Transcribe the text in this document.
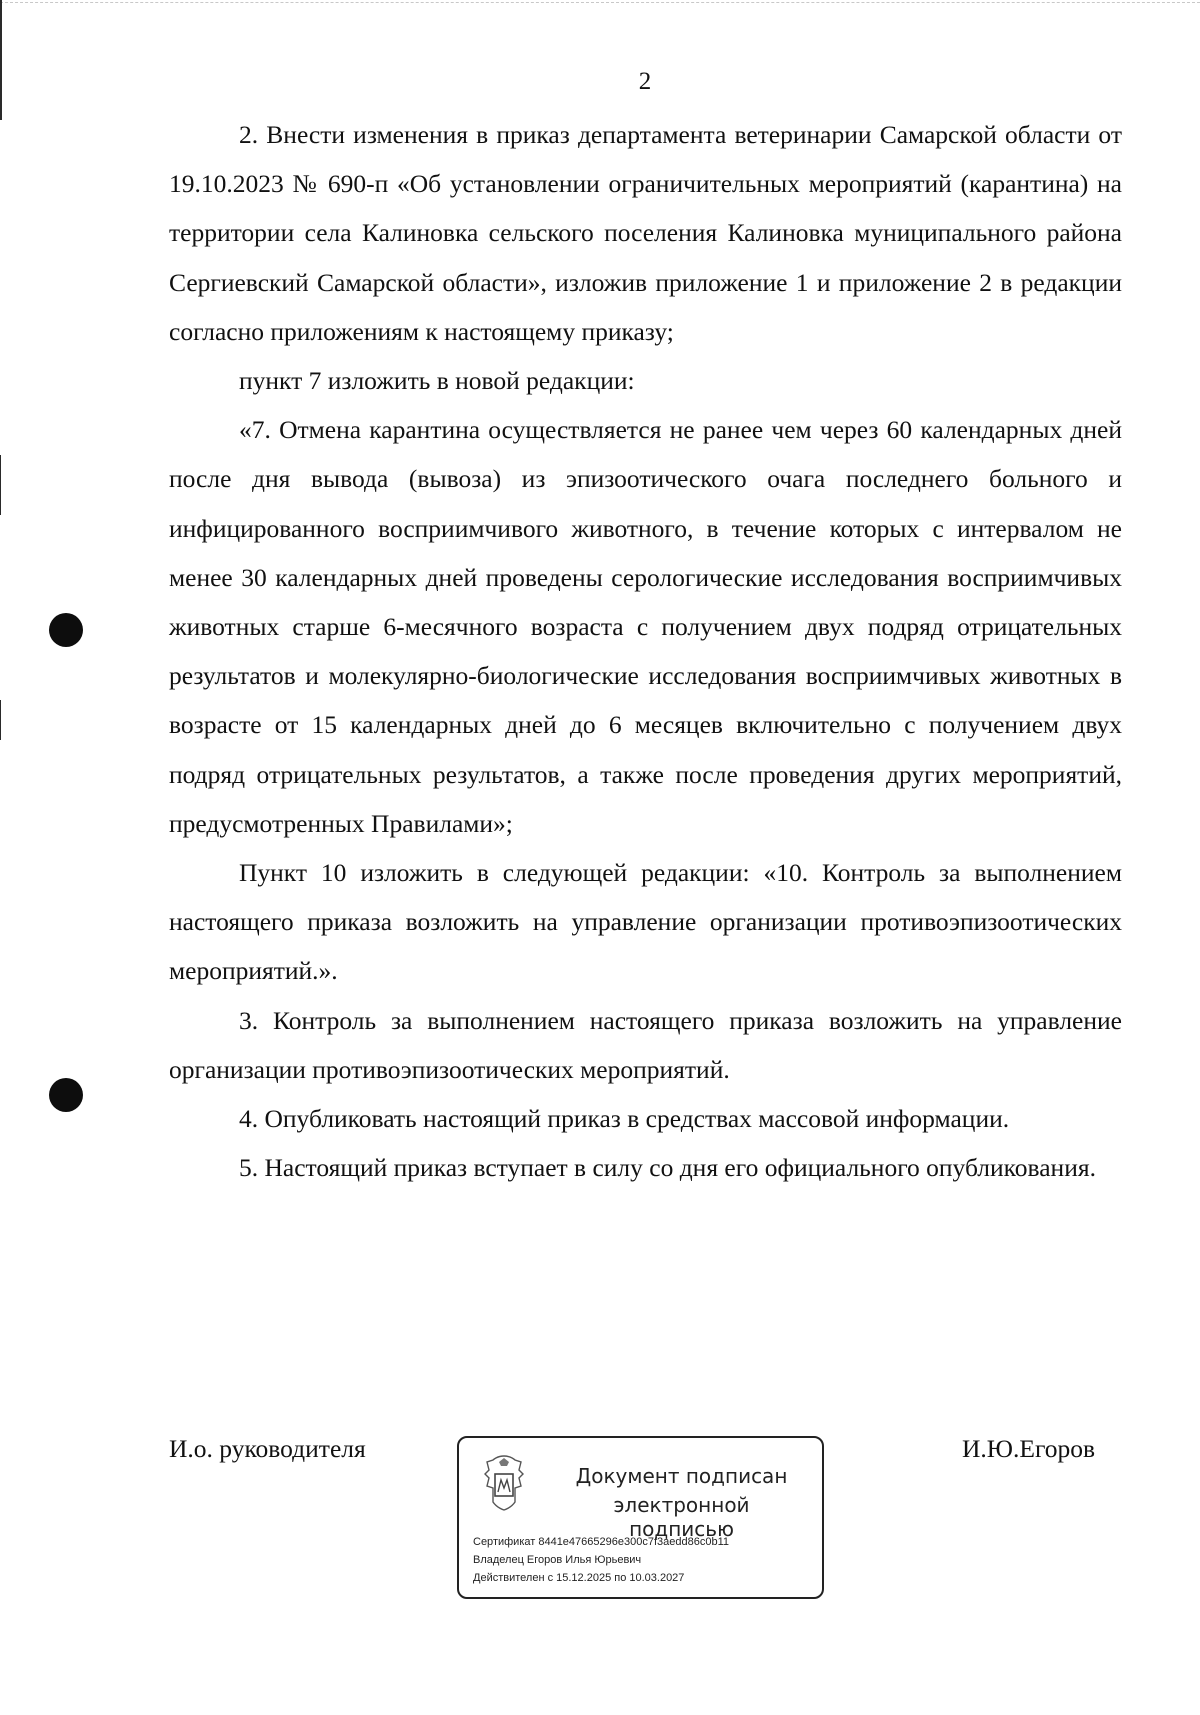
2

2. Внести изменения в приказ департамента ветеринарии Самарской области от 19.10.2023 № 690-п «Об установлении ограничительных мероприятий (карантина) на территории села Калиновка сельского поселения Калиновка муниципального района Сергиевский Самарской области», изложив приложение 1 и приложение 2 в редакции согласно приложениям к настоящему приказу;

пункт 7 изложить в новой редакции:

«7. Отмена карантина осуществляется не ранее чем через 60 календарных дней после дня вывода (вывоза) из эпизоотического очага последнего больного и инфицированного восприимчивого животного, в течение которых с интервалом не менее 30 календарных дней проведены серологические исследования восприимчивых животных старше 6-месячного возраста с получением двух подряд отрицательных результатов и молекулярно-биологические исследования восприимчивых животных в возрасте от 15 календарных дней до 6 месяцев включительно с получением двух подряд отрицательных результатов, а также после проведения других мероприятий, предусмотренных Правилами»;

Пункт 10 изложить в следующей редакции: «10. Контроль за выполнением настоящего приказа возложить на управление организации противоэпизоотических мероприятий.».

3. Контроль за выполнением настоящего приказа возложить на управление организации противоэпизоотических мероприятий.

4. Опубликовать настоящий приказ в средствах массовой информации.

5. Настоящий приказ вступает в силу со дня его официального опубликования.

И.о. руководителя	И.Ю.Егоров
Документ подписан
электронной подписью
Сертификат 8441e47665296e300c7f3aedd86c0b11
Владелец Егоров Илья Юрьевич
Действителен с 15.12.2025 по 10.03.2027
